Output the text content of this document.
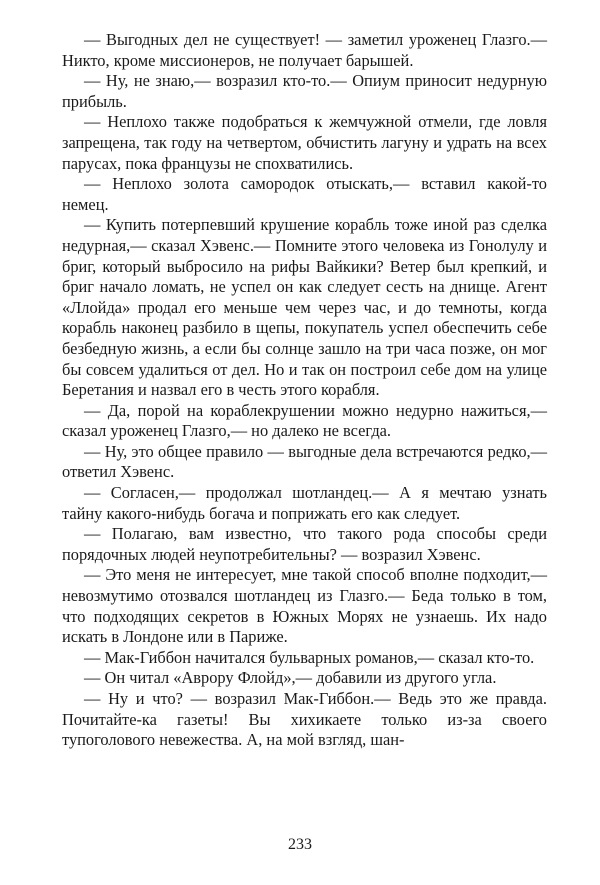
— Выгодных дел не существует! — заметил уроженец Глазго.— Никто, кроме миссионеров, не получает барышей.

— Ну, не знаю,— возразил кто-то.— Опиум приносит недурную прибыль.

— Неплохо также подобраться к жемчужной отмели, где ловля запрещена, так году на четвертом, обчистить лагуну и удрать на всех парусах, пока французы не спохватились.

— Неплохо золота самородок отыскать,— вставил какой-то немец.

— Купить потерпевший крушение корабль тоже иной раз сделка недурная,— сказал Хэвенс.— Помните этого человека из Гонолулу и бриг, который выбросило на рифы Вайкики? Ветер был крепкий, и бриг начало ломать, не успел он как следует сесть на днище. Агент «Ллойда» продал его меньше чем через час, и до темноты, когда корабль наконец разбило в щепы, покупатель успел обеспечить себе безбедную жизнь, а если бы солнце зашло на три часа позже, он мог бы совсем удалиться от дел. Но и так он построил себе дом на улице Беретания и назвал его в честь этого корабля.

— Да, порой на кораблекрушении можно недурно нажиться,— сказал уроженец Глазго,— но далеко не всегда.

— Ну, это общее правило — выгодные дела встречаются редко,— ответил Хэвенс.

— Согласен,— продолжал шотландец.— А я мечтаю узнать тайну какого-нибудь богача и поприжать его как следует.

— Полагаю, вам известно, что такого рода способы среди порядочных людей неупотребительны? — возразил Хэвенс.

— Это меня не интересует, мне такой способ вполне подходит,— невозмутимо отозвался шотландец из Глазго.— Беда только в том, что подходящих секретов в Южных Морях не узнаешь. Их надо искать в Лондоне или в Париже.

— Мак-Гиббон начитался бульварных романов,— сказал кто-то.

— Он читал «Аврору Флойд»,— добавили из другого угла.

— Ну и что? — возразил Мак-Гиббон.— Ведь это же правда. Почитайте-ка газеты! Вы хихикаете только из-за своего тупоголового невежества. А, на мой взгляд, шан-

233
